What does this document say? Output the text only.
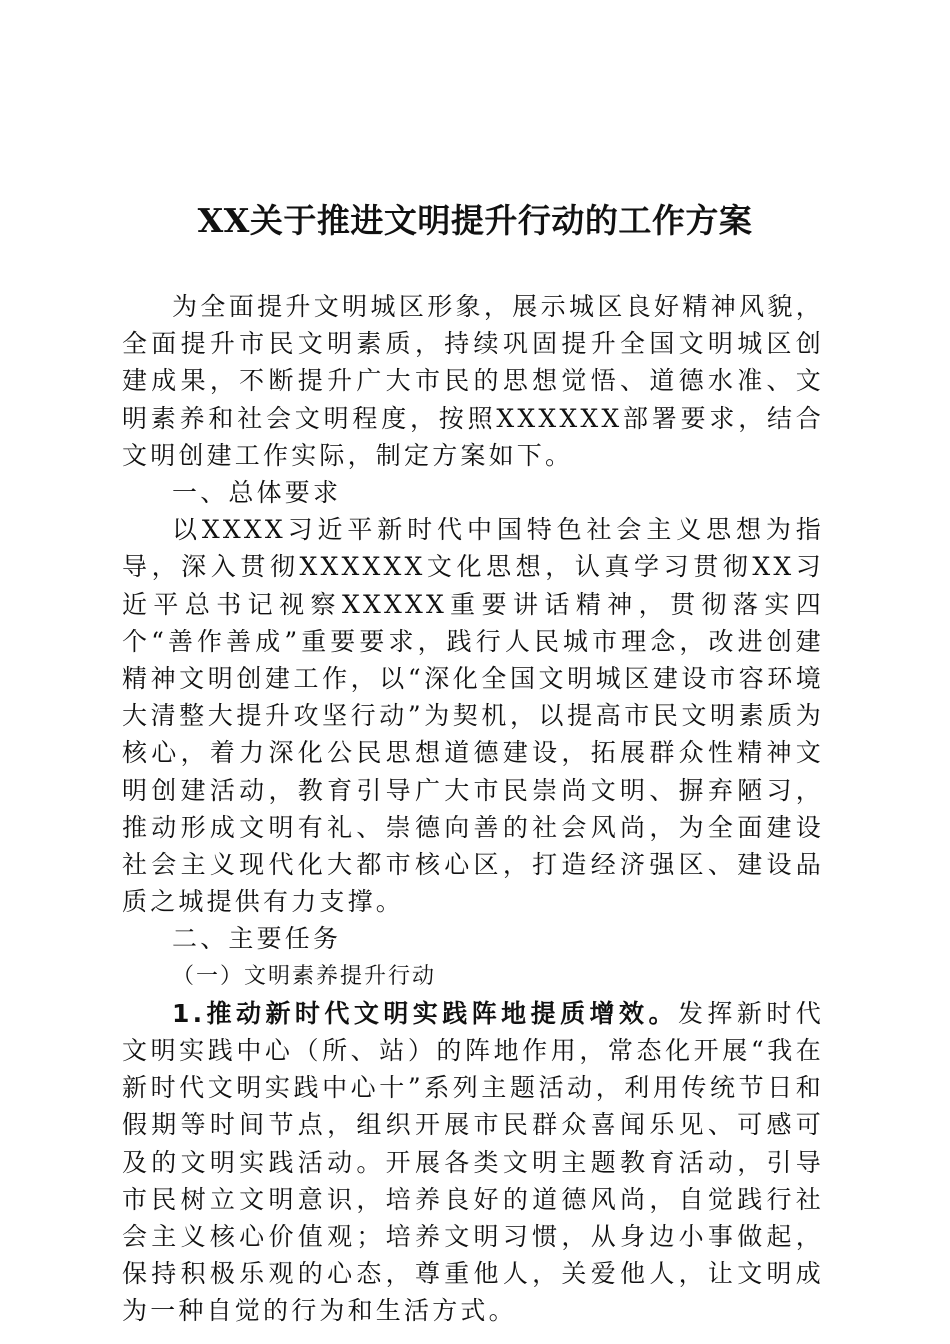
XX关于推进文明提升行动的工作方案

为全面提升文明城区形象，展示城区良好精神风貌，全面提升市民文明素质，持续巩固提升全国文明城区创建成果，不断提升广大市民的思想觉悟、道德水准、文明素养和社会文明程度，按照XXXXXX部署要求，结合文明创建工作实际，制定方案如下。

一、总体要求

以XXXX习近平新时代中国特色社会主义思想为指导，深入贯彻XXXXXX文化思想，认真学习贯彻XX习近平总书记视察XXXXX重要讲话精神，贯彻落实四个“善作善成”重要要求，践行人民城市理念，改进创建精神文明创建工作，以“深化全国文明城区建设市容环境大清整大提升攻坚行动”为契机，以提高市民文明素质为核心，着力深化公民思想道德建设，拓展群众性精神文明创建活动，教育引导广大市民崇尚文明、摒弃陋习，推动形成文明有礼、崇德向善的社会风尚，为全面建设社会主义现代化大都市核心区，打造经济强区、建设品质之城提供有力支撑。

二、主要任务

（一）文明素养提升行动

1.推动新时代文明实践阵地提质增效。发挥新时代文明实践中心（所、站）的阵地作用，常态化开展“我在新时代文明实践中心十”系列主题活动，利用传统节日和假期等时间节点，组织开展市民群众喜闻乐见、可感可及的文明实践活动。开展各类文明主题教育活动，引导市民树立文明意识，培养良好的道德风尚，自觉践行社会主义核心价值观；培养文明习惯，从身边小事做起，保持积极乐观的心态，尊重他人，关爱他人，让文明成为一种自觉的行为和生活方式。
